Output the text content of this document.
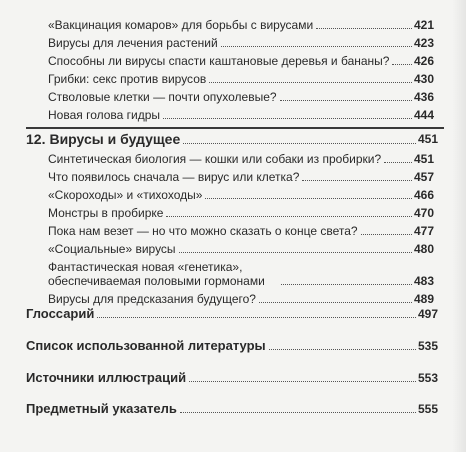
«Вакцинация комаров» для борьбы с вирусами	421
Вирусы для лечения растений	423
Способны ли вирусы спасти каштановые деревья и бананы? 426
Грибки: секс против вирусов	430
Стволовые клетки — почти опухолевые?	436
Новая голова гидры	444
12. Вирусы и будущее	451
Синтетическая биология — кошки или собаки из пробирки?	451
Что появилось сначала — вирус или клетка?	457
«Скороходы» и «тихоходы»	466
Монстры в пробирке	470
Пока нам везет — но что можно сказать о конце света?	477
«Социальные» вирусы	480
Фантастическая новая «генетика»,
обеспечиваемая половыми гормонами	483
Вирусы для предсказания будущего?	489
Глоссарий	497
Список использованной литературы	535
Источники иллюстраций	553
Предметный указатель	555
